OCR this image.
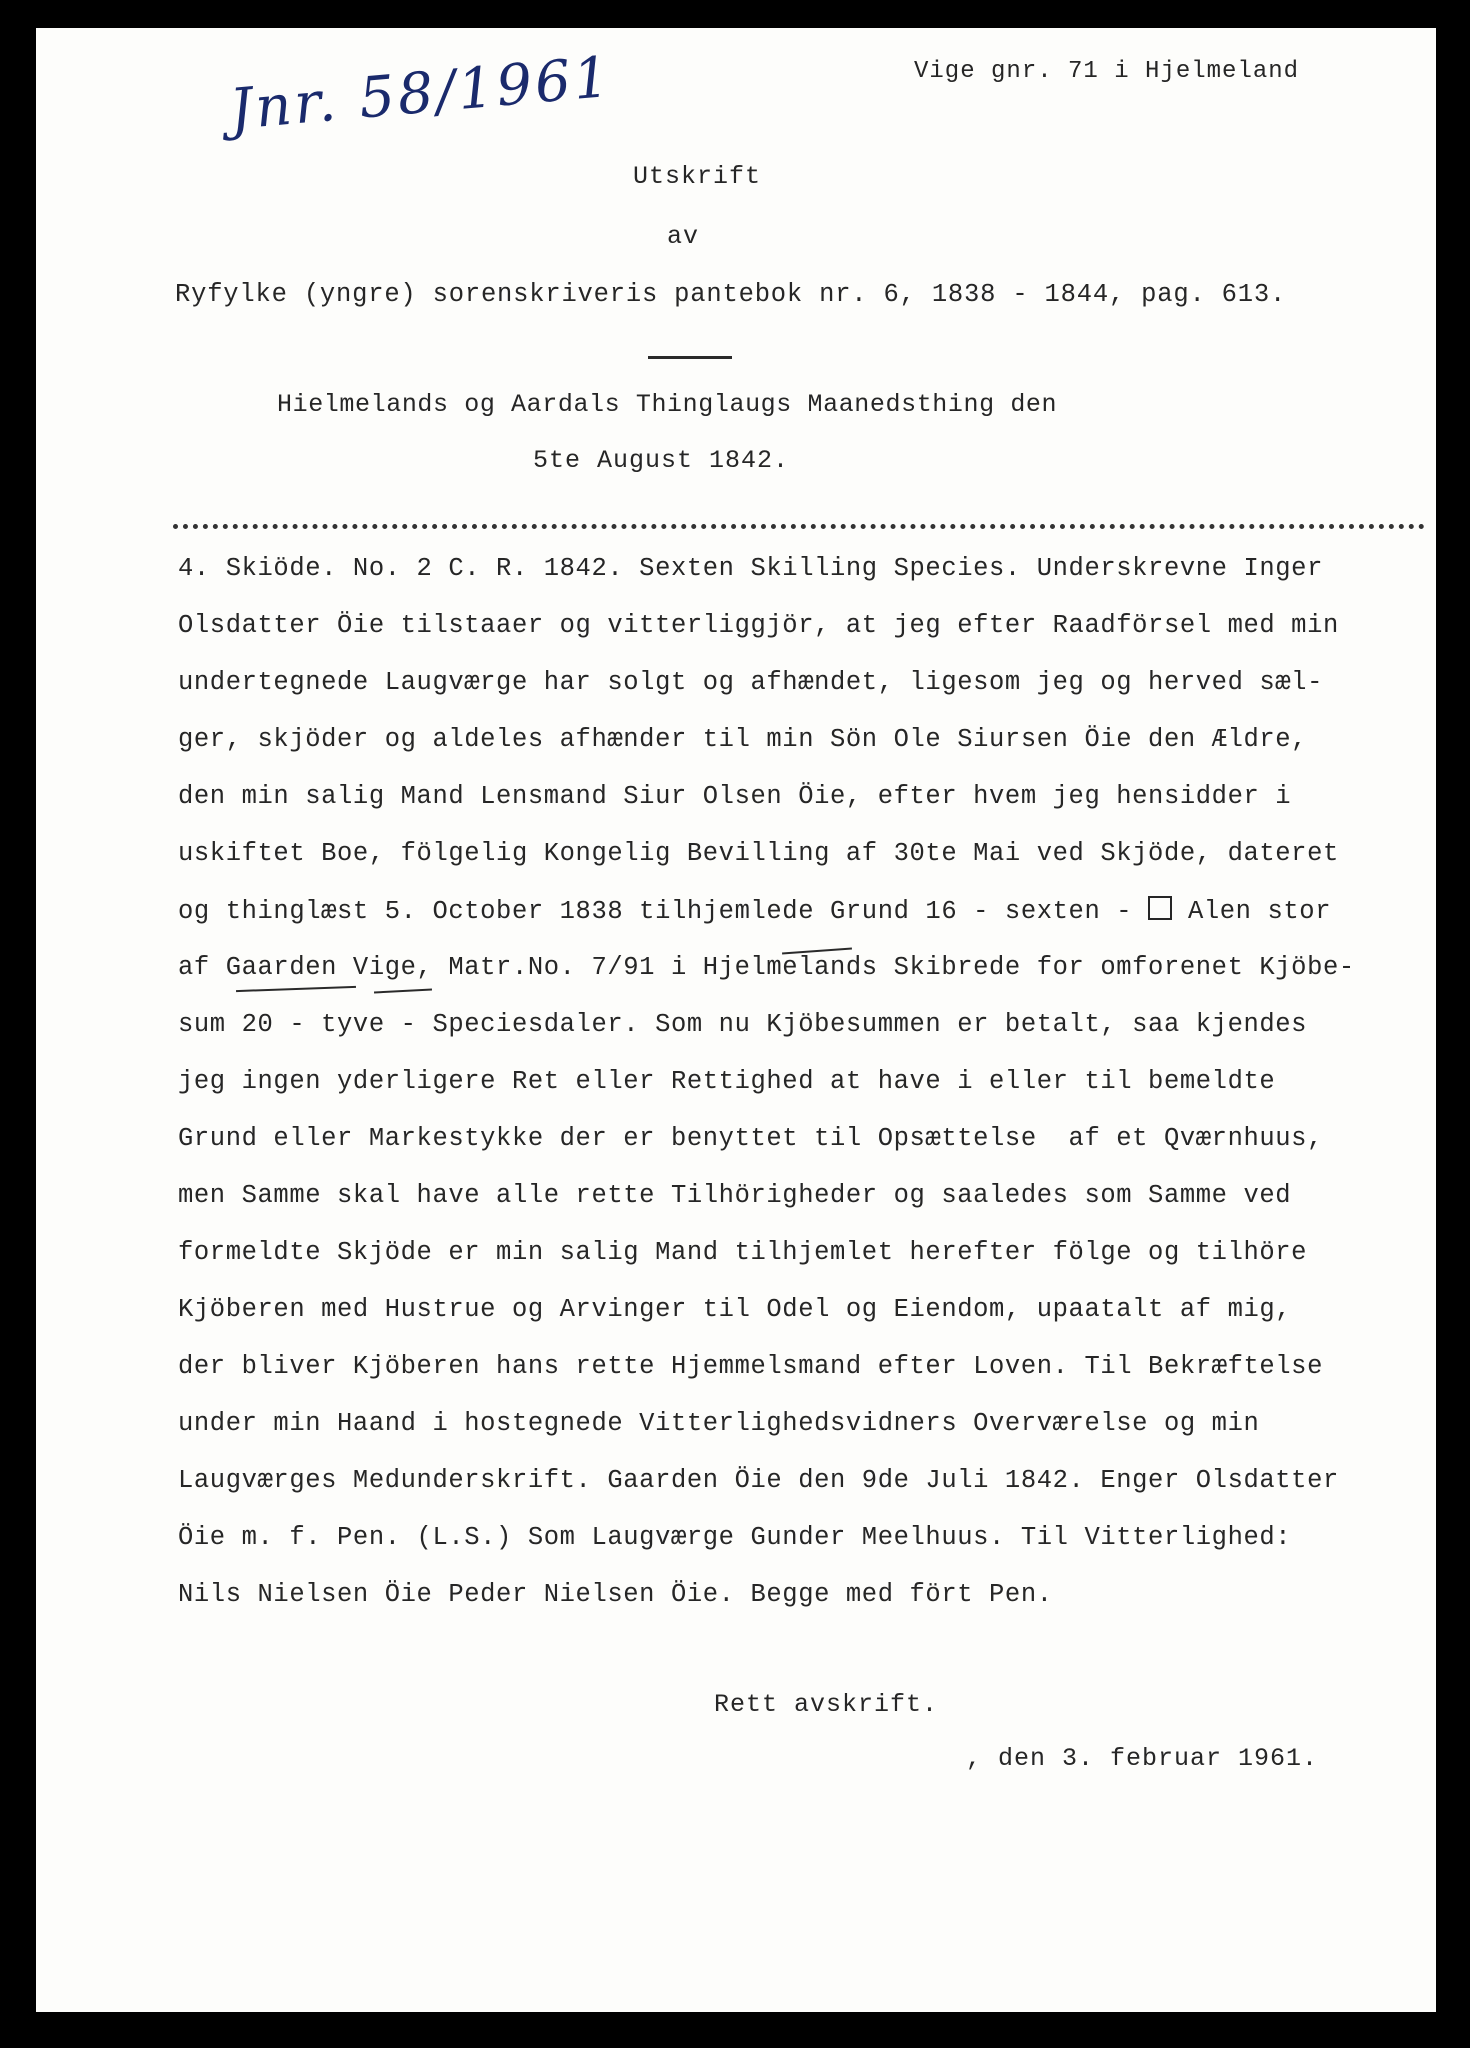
Vige gnr. 71 i Hjelmeland
Jnr. 58/1961
Utskrift
av
Ryfylke (yngre) sorenskriveris pantebok nr. 6, 1838 - 1844, pag. 613.
Hielmelands og Aardals Thinglaugs Maanedsthing den
5te August 1842.
4. Skiöde. No. 2 C. R. 1842. Sexten Skilling Species. Underskrevne Inger
Olsdatter Öie tilstaaer og vitterliggjör, at jeg efter Raadförsel med min
undertegnede Laugværge har solgt og afhændet, ligesom jeg og herved sæl-
ger, skjöder og aldeles afhænder til min Sön Ole Siursen Öie den Ældre,
den min salig Mand Lensmand Siur Olsen Öie, efter hvem jeg hensidder i
uskiftet Boe, fölgelig Kongelig Bevilling af 30te Mai ved Skjöde, dateret
og thinglæst 5. October 1838 tilhjemlede Grund 16 - sexten - Alen stor
af Gaarden Vige, Matr.No. 7/91 i Hjelmelands Skibrede for omforenet Kjöbe-
sum 20 - tyve - Speciesdaler. Som nu Kjöbesummen er betalt, saa kjendes
jeg ingen yderligere Ret eller Rettighed at have i eller til bemeldte
Grund eller Markestykke der er benyttet til Opsættelse  af et Qværnhuus,
men Samme skal have alle rette Tilhörigheder og saaledes som Samme ved
formeldte Skjöde er min salig Mand tilhjemlet herefter fölge og tilhöre
Kjöberen med Hustrue og Arvinger til Odel og Eiendom, upaatalt af mig,
der bliver Kjöberen hans rette Hjemmelsmand efter Loven. Til Bekræftelse
under min Haand i hostegnede Vitterlighedsvidners Overværelse og min
Laugværges Medunderskrift. Gaarden Öie den 9de Juli 1842. Enger Olsdatter
Öie m. f. Pen. (L.S.) Som Laugværge Gunder Meelhuus. Til Vitterlighed:
Nils Nielsen Öie Peder Nielsen Öie. Begge med fört Pen.
Rett avskrift.
, den 3. februar 1961.
